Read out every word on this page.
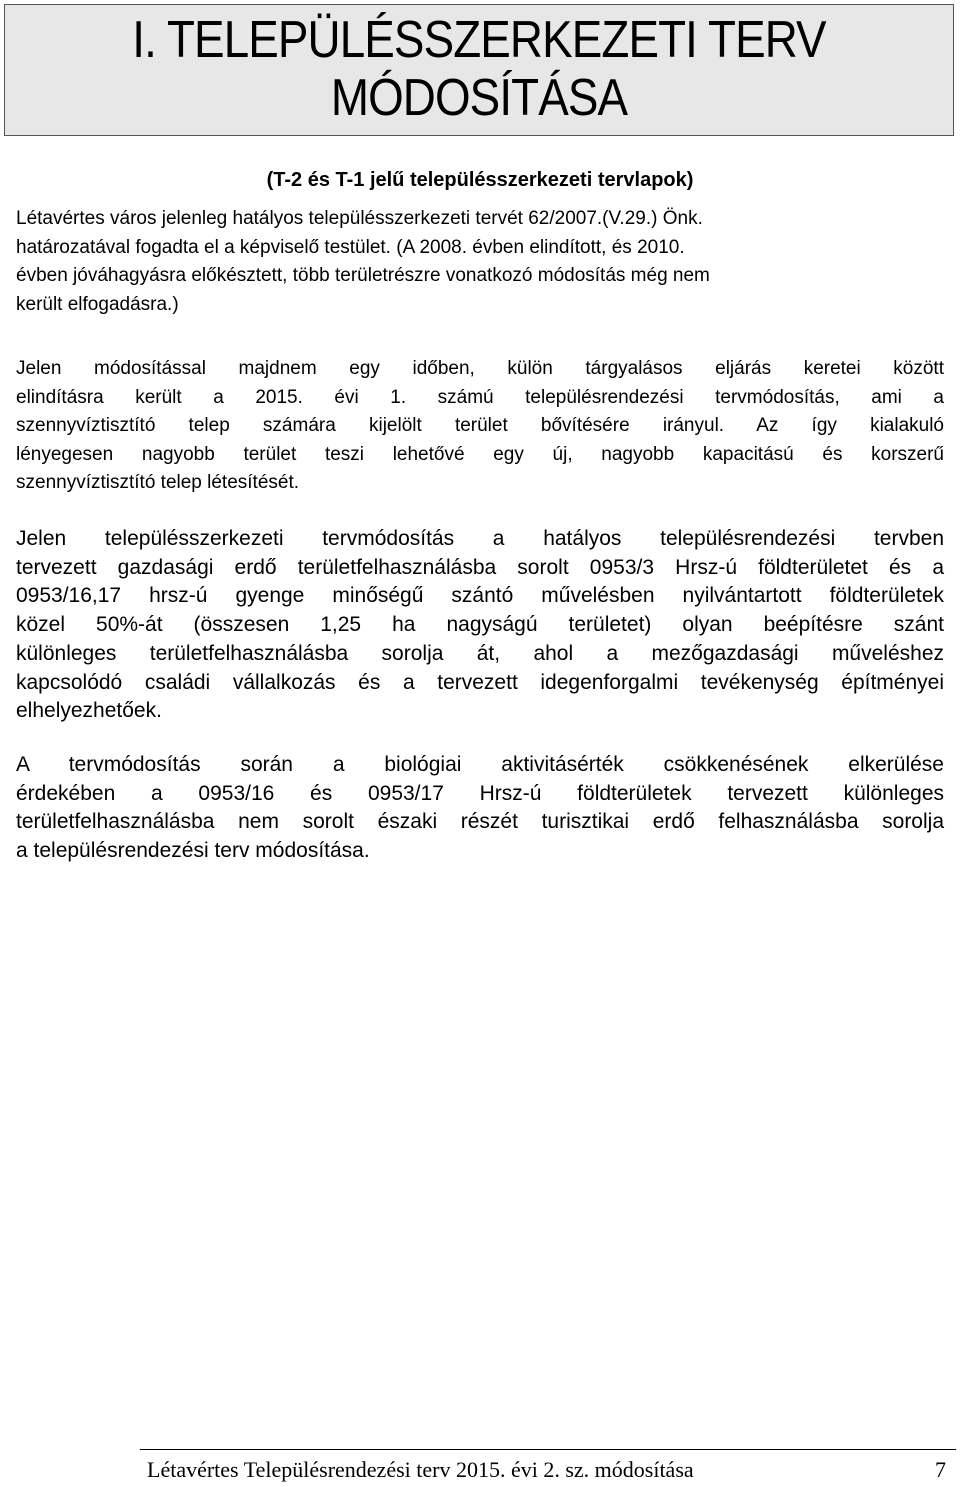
I. TELEPÜLÉSSZERKEZETI TERV
MÓDOSÍTÁSA
(T-2 és T-1 jelű településszerkezeti tervlapok)
Létavértes város jelenleg hatályos településszerkezeti tervét 62/2007.(V.29.) Önk.
határozatával fogadta el a képviselő testület. (A 2008. évben elindított, és 2010.
évben jóváhagyásra előkésztett, több területrészre vonatkozó módosítás még nem
került elfogadásra.)
Jelen módosítással majdnem egy időben, külön tárgyalásos eljárás keretei között
elindításra került a 2015. évi 1. számú településrendezési tervmódosítás, ami a
szennyvíztisztító telep számára kijelölt terület bővítésére irányul. Az így kialakuló
lényegesen nagyobb terület teszi lehetővé egy új, nagyobb kapacitású és korszerű
szennyvíztisztító telep létesítését.
Jelen településszerkezeti tervmódosítás a hatályos településrendezési tervben
tervezett gazdasági erdő területfelhasználásba sorolt 0953/3 Hrsz-ú földterületet és a
0953/16,17 hrsz-ú gyenge minőségű szántó művelésben nyilvántartott földterületek
közel 50%-át (összesen 1,25 ha nagyságú területet) olyan beépítésre szánt
különleges területfelhasználásba sorolja át, ahol a mezőgazdasági műveléshez
kapcsolódó családi vállalkozás és a tervezett idegenforgalmi tevékenység építményei
elhelyezhetőek.
A tervmódosítás során a biológiai aktivitásérték csökkenésének elkerülése
érdekében a 0953/16 és 0953/17 Hrsz-ú földterületek tervezett különleges
területfelhasználásba nem sorolt északi részét turisztikai erdő felhasználásba sorolja
a településrendezési terv módosítása.
Létavértes Településrendezési terv 2015. évi 2. sz. módosítása	7
